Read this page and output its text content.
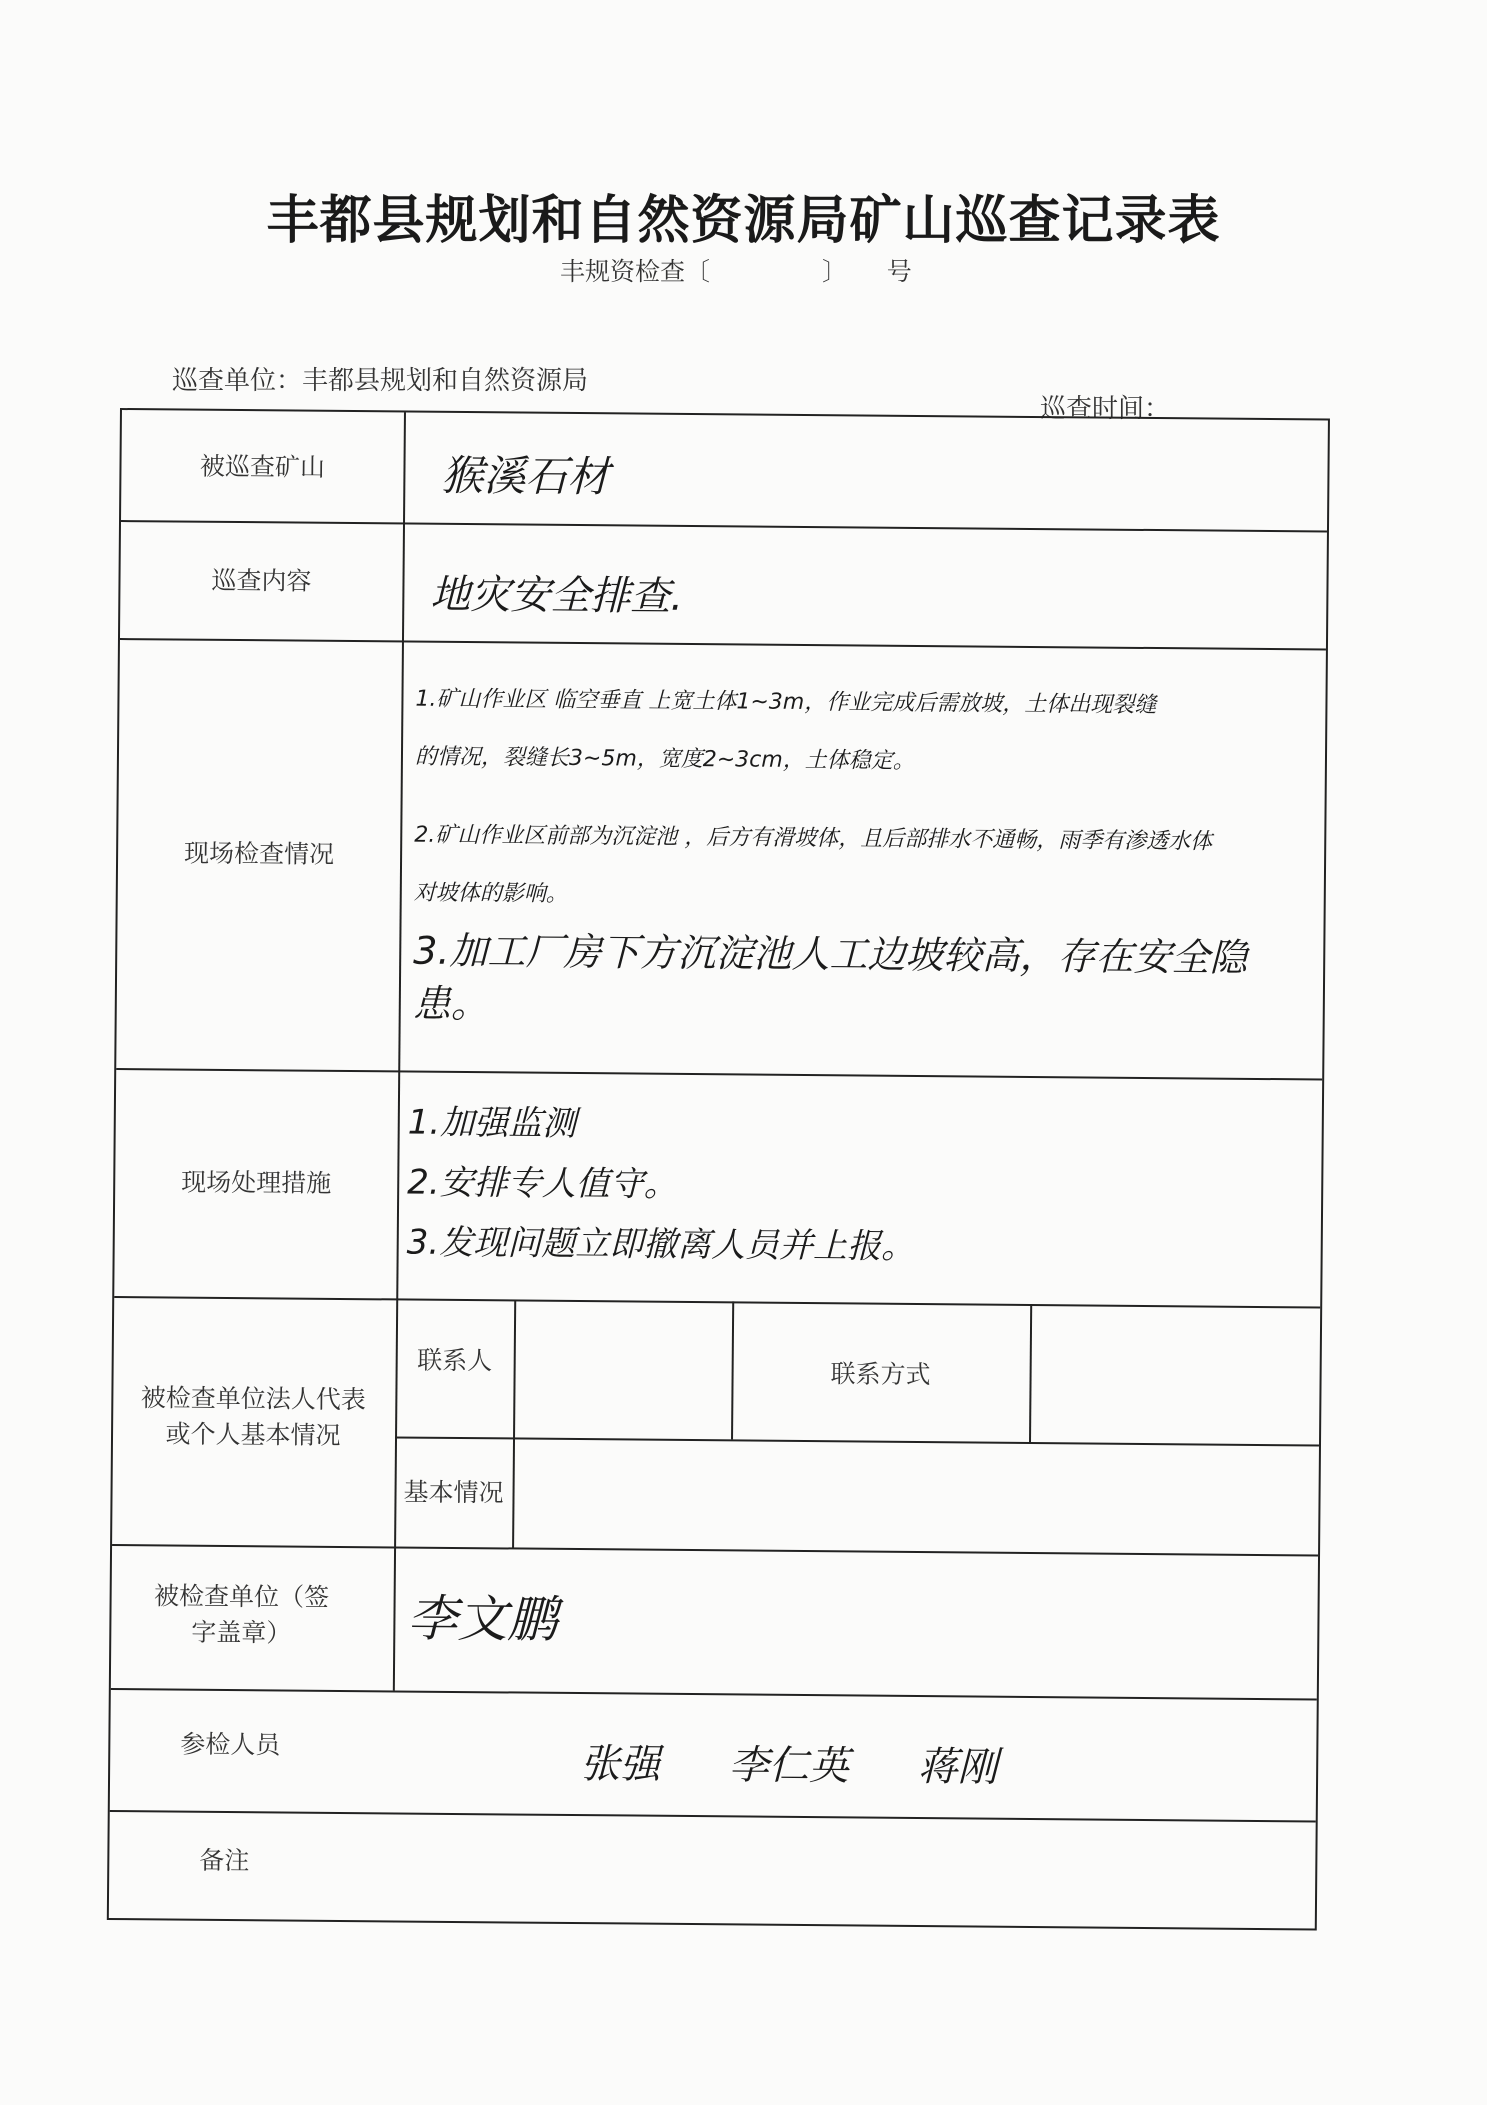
丰都县规划和自然资源局矿山巡查记录表
丰规资检查〔	〕 号
巡查单位：丰都县规划和自然资源局
巡查时间：
被巡查矿山
巡查内容
现场检查情况
现场处理措施
被检查单位法人代表或个人基本情况
联系人	联系方式
基本情况
被检查单位（签字盖章）
参检人员
备注
猴溪石材
地灾安全排查.
1.矿山作业区 临空垂直 上宽土体1~3m，作业完成后需放坡，土体出现裂缝
的情况，裂缝长3~5m，宽度2~3cm，土体稳定。
2.矿山作业区前部为沉淀池 ，后方有滑坡体，且后部排水不通畅，雨季有渗透水体
对坡体的影响。
3.加工厂房下方沉淀池人工边坡较高，存在安全隐
患。
1.加强监测
2.安排专人值守。
3.发现问题立即撤离人员并上报。
李文鹏
张强 李仁英 蒋刚
